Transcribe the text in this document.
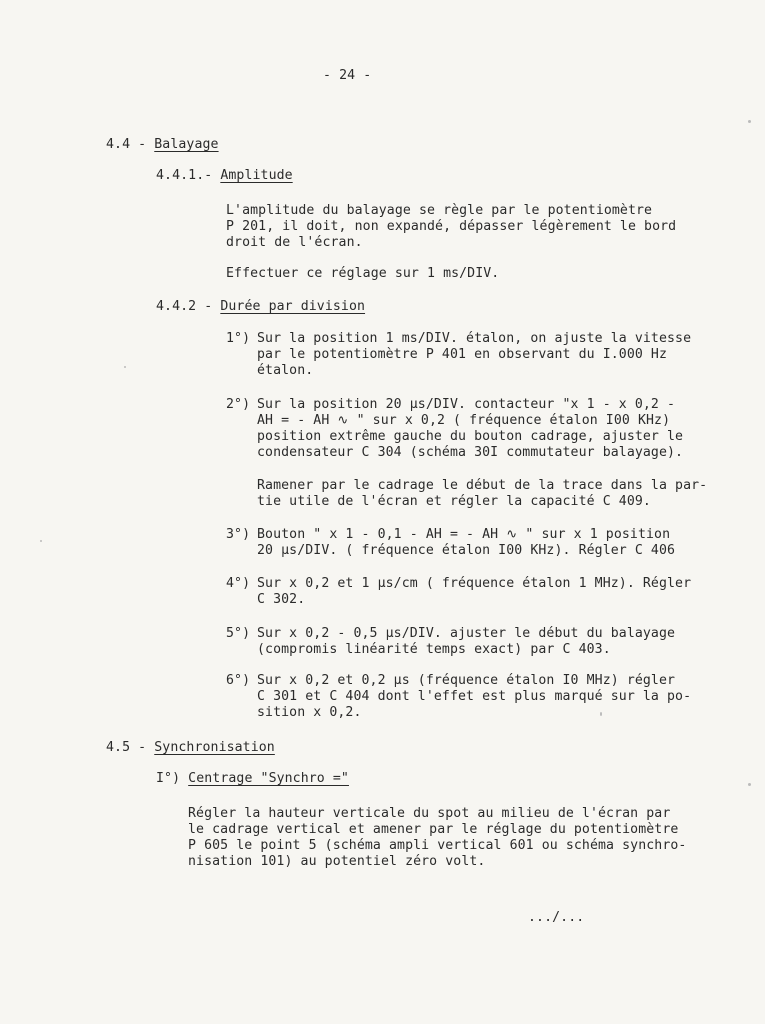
- 24 -
4.4 - Balayage
4.4.1.- Amplitude
L'amplitude du balayage se règle par le potentiomètre
P 201, il doit, non expandé, dépasser légèrement le bord
droit de l'écran.
Effectuer ce réglage sur 1 ms/DIV.
4.4.2 - Durée par division
1°) Sur la position 1 ms/DIV. étalon, on ajuste la vitesse
par le potentiomètre P 401 en observant du I.000 Hz
étalon.
2°) Sur la position 20 µs/DIV. contacteur "x 1 - x 0,2 -
AH = - AH ∿ " sur x 0,2 ( fréquence étalon I00 KHz)
position extrême gauche du bouton cadrage, ajuster le
condensateur C 304 (schéma 30I commutateur balayage).
Ramener par le cadrage le début de la trace dans la par-
tie utile de l'écran et régler la capacité C 409.
3°) Bouton " x 1 - 0,1 - AH = - AH ∿ " sur x 1 position
20 µs/DIV. ( fréquence étalon I00 KHz). Régler C 406
4°) Sur x 0,2 et 1 µs/cm ( fréquence étalon 1 MHz). Régler
C 302.
5°) Sur x 0,2 - 0,5 µs/DIV. ajuster le début du balayage
(compromis linéarité temps exact) par C 403.
6°) Sur x 0,2 et 0,2 µs (fréquence étalon I0 MHz) régler
C 301 et C 404 dont l'effet est plus marqué sur la po-
sition x 0,2.
4.5 - Synchronisation
I°) Centrage "Synchro ="
Régler la hauteur verticale du spot au milieu de l'écran par
le cadrage vertical et amener par le réglage du potentiomètre
P 605 le point 5 (schéma ampli vertical 601 ou schéma synchro-
nisation 101) au potentiel zéro volt.
.../...
